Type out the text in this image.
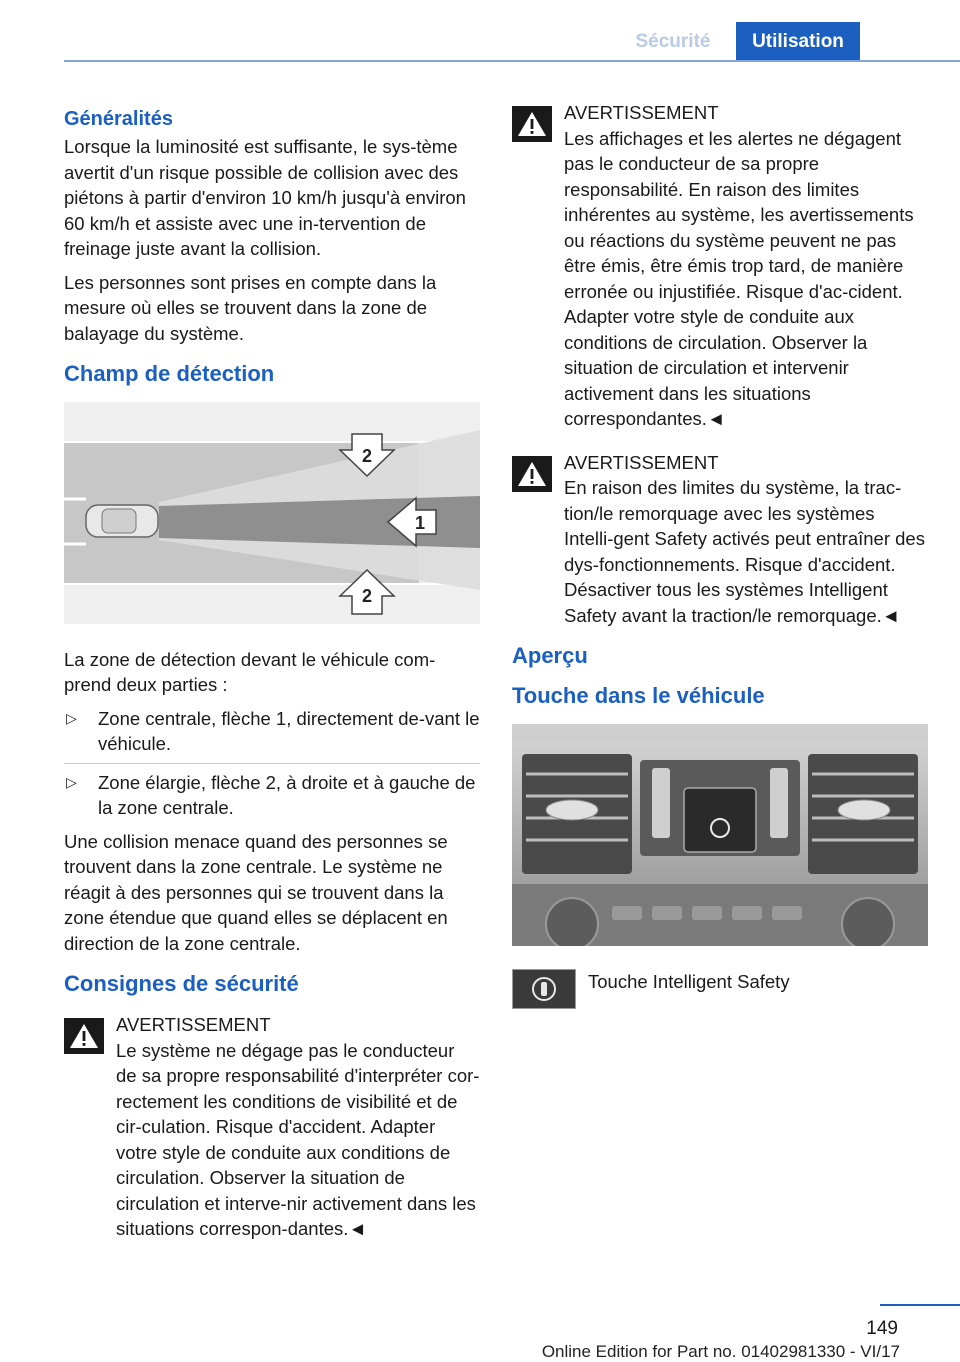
Sécurité	Utilisation
Généralités

Lorsque la luminosité est suffisante, le sys‐tème avertit d'un risque possible de collision avec des piétons à partir d'environ 10 km/h jusqu'à environ 60 km/h et assiste avec une in‐tervention de freinage juste avant la collision.

Les personnes sont prises en compte dans la mesure où elles se trouvent dans la zone de balayage du système.

Champ de détection
2
1
2

La zone de détection devant le véhicule com‐prend deux parties :

▷ Zone centrale, flèche 1, directement de‐vant le véhicule.
▷ Zone élargie, flèche 2, à droite et à gauche de la zone centrale.

Une collision menace quand des personnes se trouvent dans la zone centrale. Le système ne réagit à des personnes qui se trouvent dans la zone étendue que quand elles se déplacent en direction de la zone centrale.

Consignes de sécurité
AVERTISSEMENT
Le système ne dégage pas le conducteur de sa propre responsabilité d'interpréter cor‐rectement les conditions de visibilité et de cir‐culation. Risque d'accident. Adapter votre style de conduite aux conditions de circulation. Observer la situation de circulation et interve‐nir activement dans les situations correspon‐dantes.◄
AVERTISSEMENT
Les affichages et les alertes ne dégagent pas le conducteur de sa propre responsabilité. En raison des limites inhérentes au système, les avertissements ou réactions du système peuvent ne pas être émis, être émis trop tard, de manière erronée ou injustifiée. Risque d'ac‐cident. Adapter votre style de conduite aux conditions de circulation. Observer la situation de circulation et intervenir activement dans les situations correspondantes.◄
AVERTISSEMENT
En raison des limites du système, la trac‐tion/le remorquage avec les systèmes Intelli‐gent Safety activés peut entraîner des dys‐fonctionnements. Risque d'accident. Désactiver tous les systèmes Intelligent Safety avant la traction/le remorquage.◄
Aperçu
Touche dans le véhicule
Touche Intelligent Safety
149
Online Edition for Part no. 01402981330 - VI/17
